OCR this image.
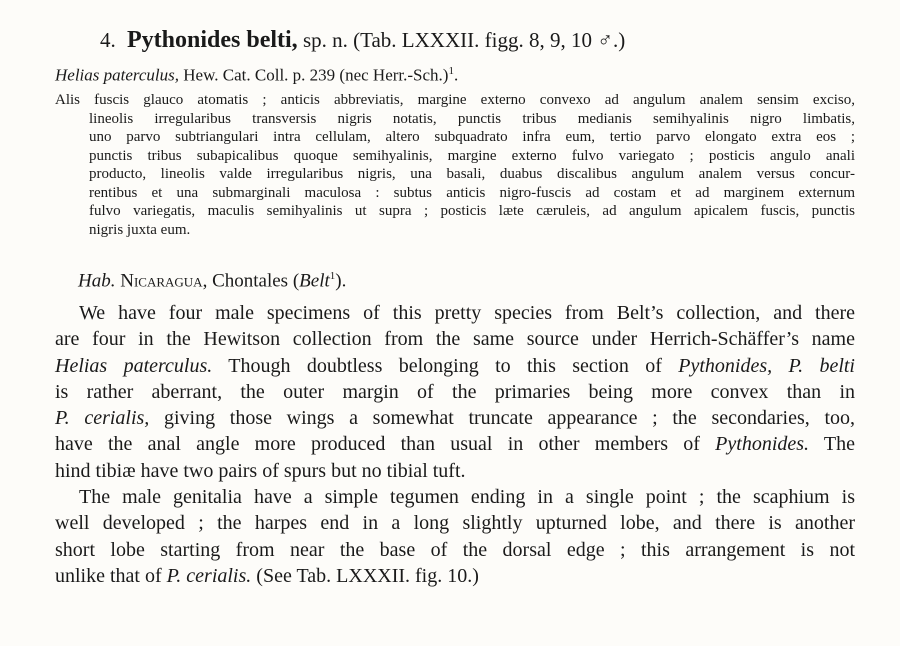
4. Pythonides belti, sp. n. (Tab. LXXXII. figg. 8, 9, 10 ♂.)
Helias paterculus, Hew. Cat. Coll. p. 239 (nec Herr.-Sch.)$^1$.
Alis fuscis glauco atomatis ; anticis abbreviatis, margine externo convexo ad angulum analem sensim exciso,
lineolis irregularibus transversis nigris notatis, punctis tribus medianis semihyalinis nigro limbatis,
uno parvo subtriangulari intra cellulam, altero subquadrato infra eum, tertio parvo elongato extra eos ;
punctis tribus subapicalibus quoque semihyalinis, margine externo fulvo variegato ; posticis angulo anali
producto, lineolis valde irregularibus nigris, una basali, duabus discalibus angulum analem versus concur-
rentibus et una submarginali maculosa : subtus anticis nigro-fuscis ad costam et ad marginem externum
fulvo variegatis, maculis semihyalinis ut supra ; posticis læte cæruleis, ad angulum apicalem fuscis, punctis
nigris juxta eum.
Hab. Nicaragua, Chontales (Belt$^1$).
We have four male specimens of this pretty species from Belt’s collection, and there
are four in the Hewitson collection from the same source under Herrich-Schäffer’s name
Helias paterculus. Though doubtless belonging to this section of Pythonides, P. belti
is rather aberrant, the outer margin of the primaries being more convex than in
P. cerialis, giving those wings a somewhat truncate appearance ; the secondaries, too,
have the anal angle more produced than usual in other members of Pythonides. The
hind tibiæ have two pairs of spurs but no tibial tuft.
The male genitalia have a simple tegumen ending in a single point ; the scaphium is
well developed ; the harpes end in a long slightly upturned lobe, and there is another
short lobe starting from near the base of the dorsal edge ; this arrangement is not
unlike that of P. cerialis. (See Tab. LXXXII. fig. 10.)
